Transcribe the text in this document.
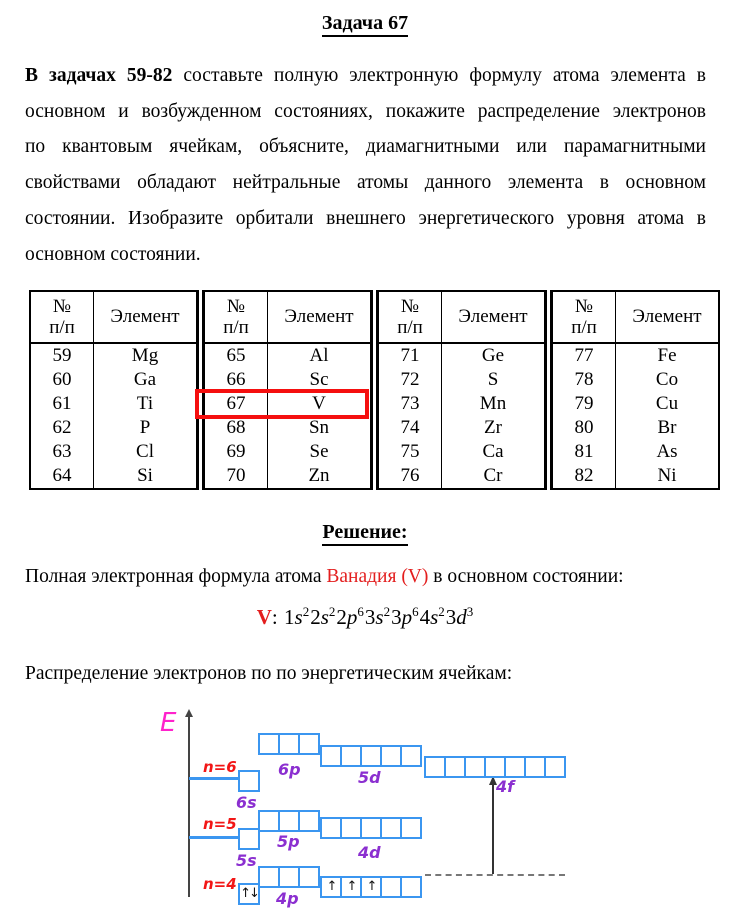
Задача 67
В задачах 59-82 составьте полную электронную формулу атома элемента в
основном и возбужденном состояниях, покажите распределение электронов
по квантовым ячейкам, объясните, диамагнитными или парамагнитными
свойствами обладают нейтральные атомы данного элемента в основном
состоянии. Изобразите орбитали внешнего энергетического уровня атома в
основном состоянии.
№
п/п
	Элемент	№
п/п
	Элемент	№
п/п
	Элемент	№
п/п
	Элемент
59	Mg	65	Al	71	Ge	77	Fe
60	Ga	66	Sc	72	S	78	Co
61	Ti	67	V	73	Mn	79	Cu
62	P	68	Sn	74	Zr	80	Br
63	Cl	69	Se	75	Ca	81	As
64	Si	70	Zn	76	Cr	82	Ni
Решение:
Полная электронная формула атома Ванадия (V) в основном состоянии:
V: $1s^22s^22p^63s^23p^64s^23d^3$
Распределение электронов по по энергетическим ячейкам:
E
n=6
n=5
n=4
6s
6p	5d	4f
5s
5p
4d
↑↓ 4p
↑ ↑ ↑
